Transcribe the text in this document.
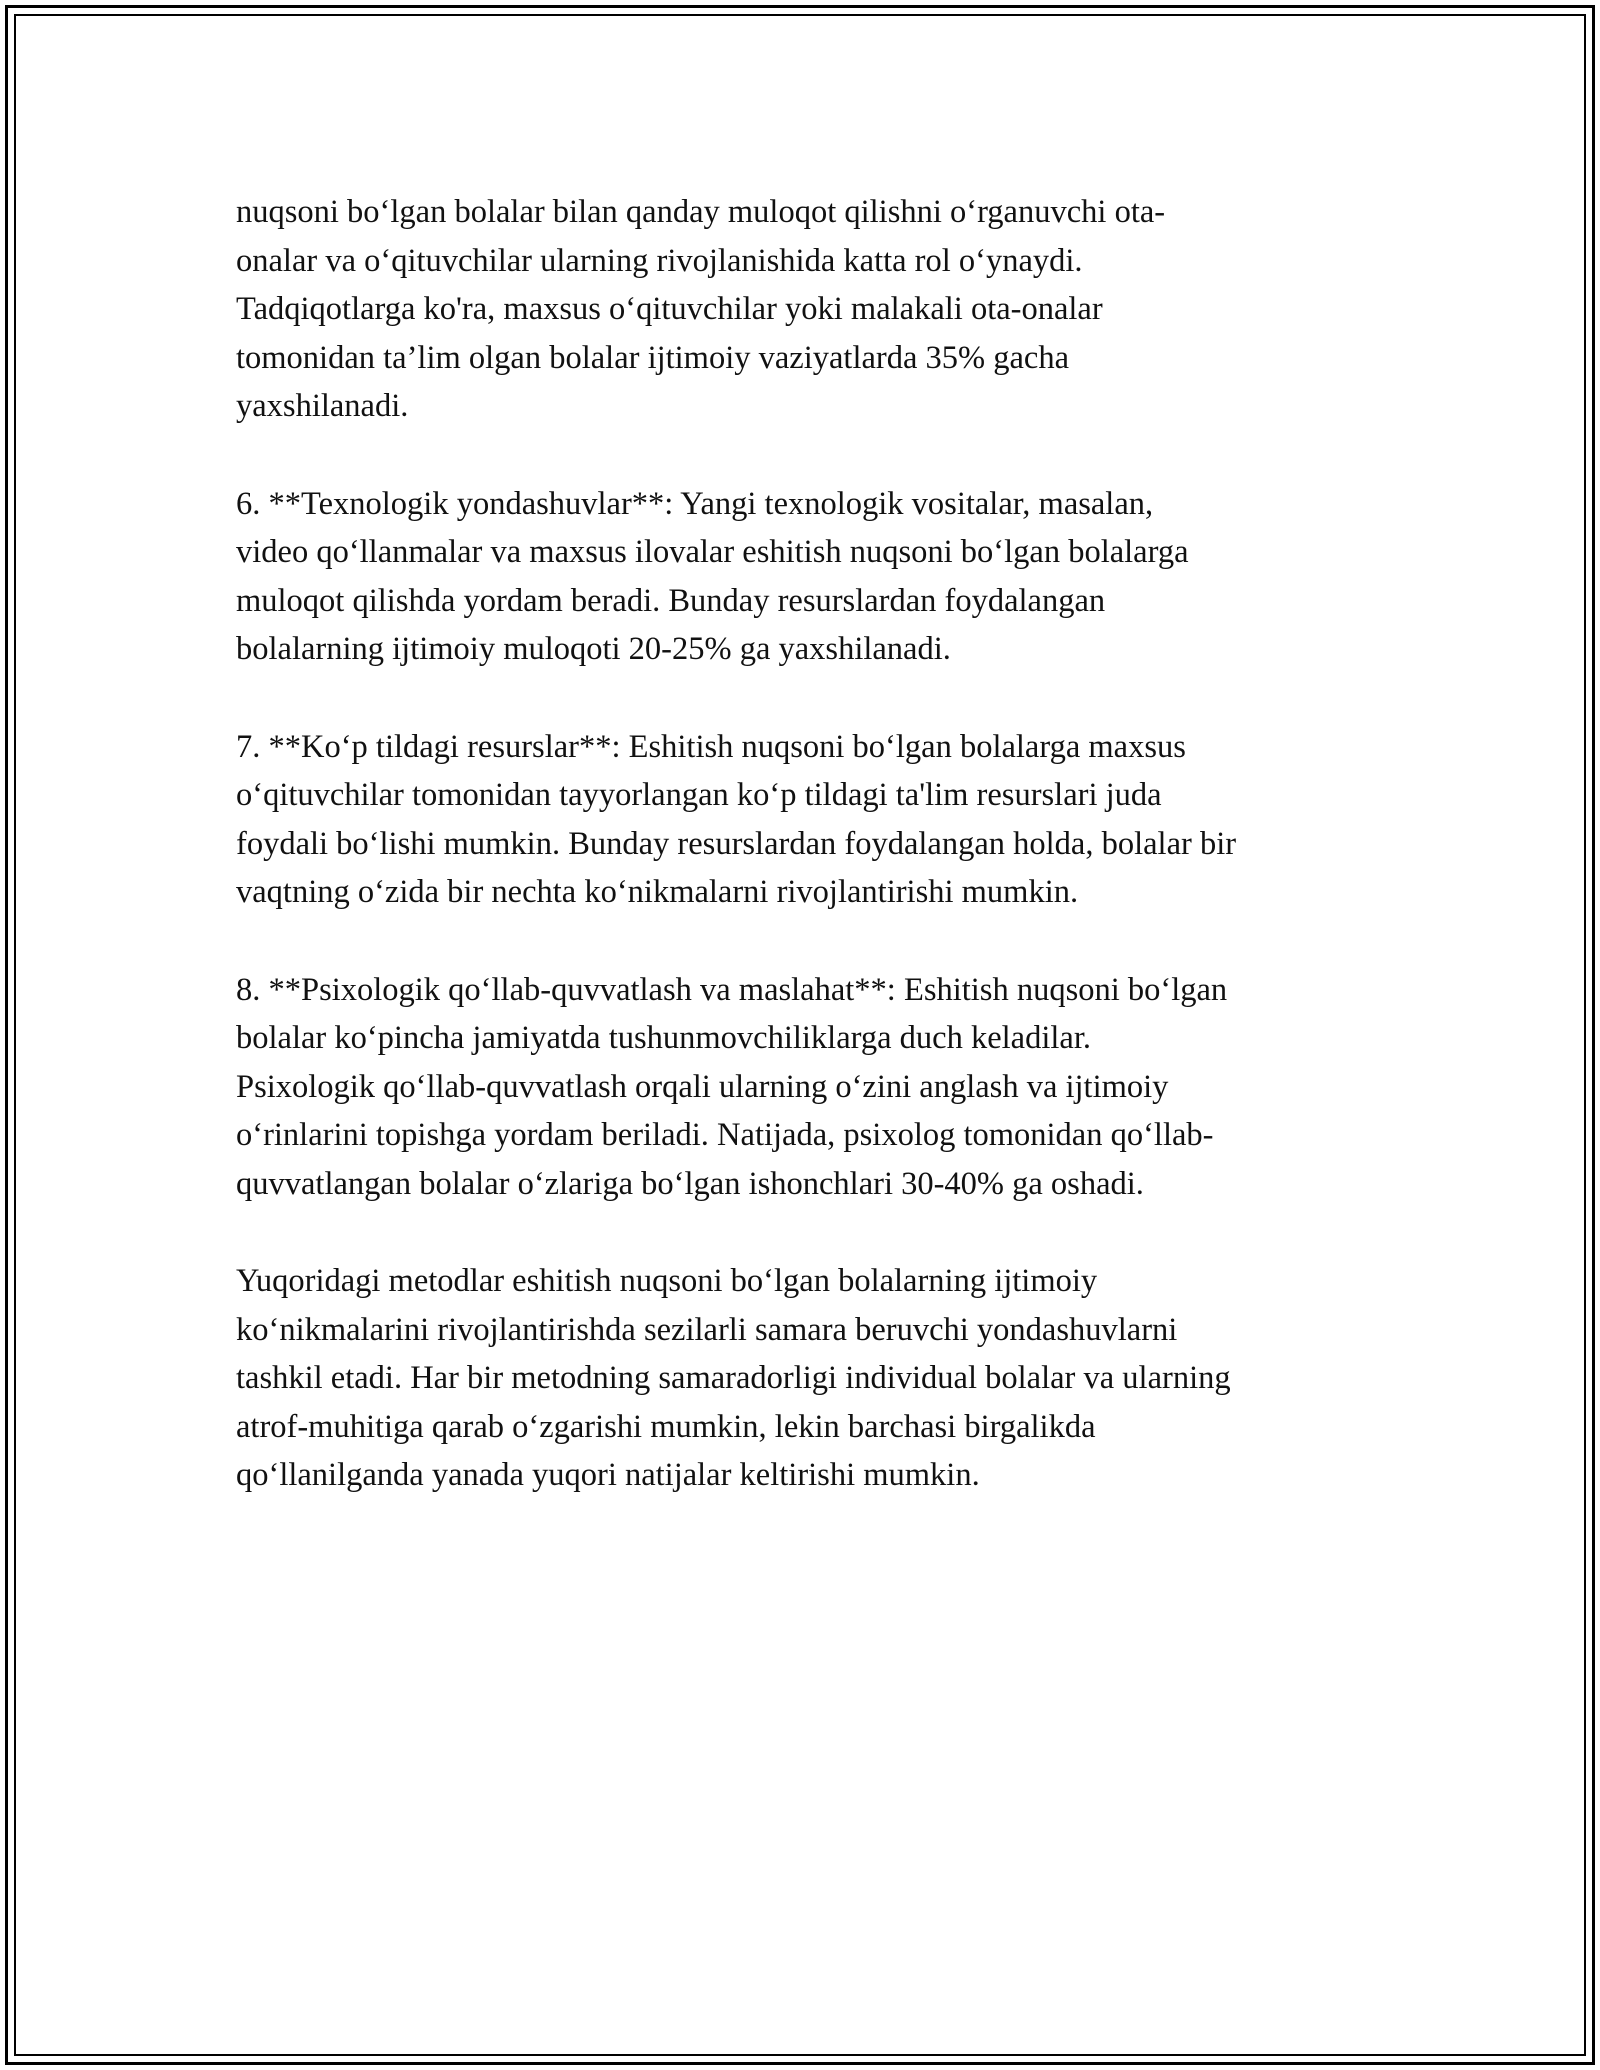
nuqsoni boʻlgan bolalar bilan qanday muloqot qilishni oʻrganuvchi ota-
onalar va oʻqituvchilar ularning rivojlanishida katta rol oʻynaydi.
Tadqiqotlarga ko'ra, maxsus oʻqituvchilar yoki malakali ota-onalar
tomonidan ta’lim olgan bolalar ijtimoiy vaziyatlarda 35% gacha
yaxshilanadi.

6. **Texnologik yondashuvlar**: Yangi texnologik vositalar, masalan,
video qoʻllanmalar va maxsus ilovalar eshitish nuqsoni boʻlgan bolalarga
muloqot qilishda yordam beradi. Bunday resurslardan foydalangan
bolalarning ijtimoiy muloqoti 20-25% ga yaxshilanadi.

7. **Koʻp tildagi resurslar**: Eshitish nuqsoni boʻlgan bolalarga maxsus
oʻqituvchilar tomonidan tayyorlangan koʻp tildagi ta'lim resurslari juda
foydali boʻlishi mumkin. Bunday resurslardan foydalangan holda, bolalar bir
vaqtning oʻzida bir nechta koʻnikmalarni rivojlantirishi mumkin.

8. **Psixologik qoʻllab-quvvatlash va maslahat**: Eshitish nuqsoni boʻlgan
bolalar koʻpincha jamiyatda tushunmovchiliklarga duch keladilar.
Psixologik qoʻllab-quvvatlash orqali ularning oʻzini anglash va ijtimoiy
oʻrinlarini topishga yordam beriladi. Natijada, psixolog tomonidan qoʻllab-
quvvatlangan bolalar oʻzlariga boʻlgan ishonchlari 30-40% ga oshadi.

Yuqoridagi metodlar eshitish nuqsoni boʻlgan bolalarning ijtimoiy
koʻnikmalarini rivojlantirishda sezilarli samara beruvchi yondashuvlarni
tashkil etadi. Har bir metodning samaradorligi individual bolalar va ularning
atrof-muhitiga qarab oʻzgarishi mumkin, lekin barchasi birgalikda
qoʻllanilganda yanada yuqori natijalar keltirishi mumkin.
